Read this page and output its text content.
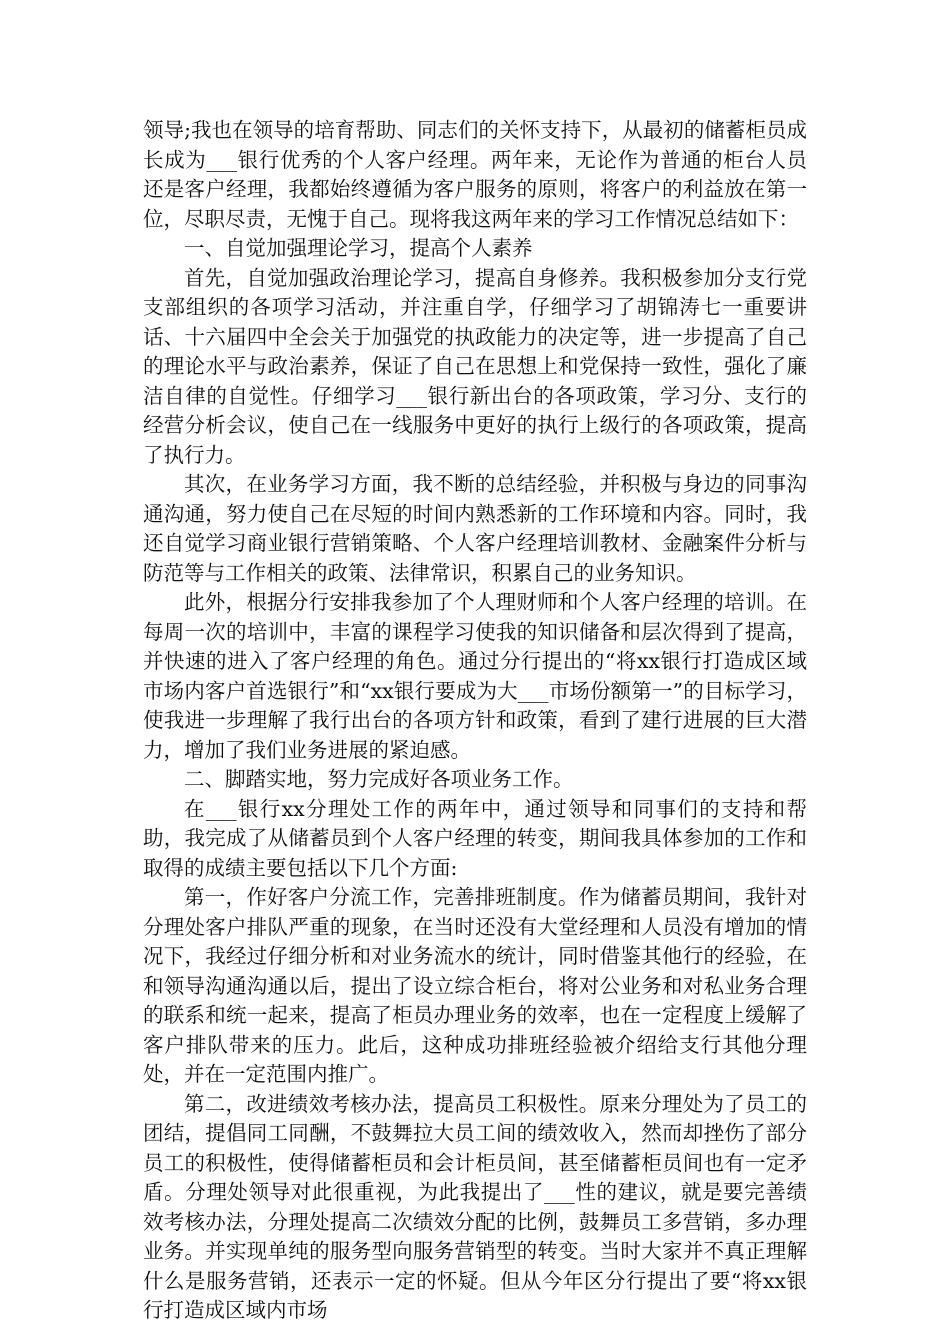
领导;我也在领导的培育帮助、同志们的关怀支持下，从最初的储蓄柜员成长成为___银行优秀的个人客户经理。两年来，无论作为普通的柜台人员还是客户经理，我都始终遵循为客户服务的原则，将客户的利益放在第一位，尽职尽责，无愧于自己。现将我这两年来的学习工作情况总结如下：

一、自觉加强理论学习，提高个人素养

首先，自觉加强政治理论学习，提高自身修养。我积极参加分支行党支部组织的各项学习活动，并注重自学，仔细学习了胡锦涛七一重要讲话、十六届四中全会关于加强党的执政能力的决定等，进一步提高了自己的理论水平与政治素养，保证了自己在思想上和党保持一致性，强化了廉洁自律的自觉性。仔细学习___银行新出台的各项政策，学习分、支行的经营分析会议，使自己在一线服务中更好的执行上级行的各项政策，提高了执行力。

其次，在业务学习方面，我不断的总结经验，并积极与身边的同事沟通沟通，努力使自己在尽短的时间内熟悉新的工作环境和内容。同时，我还自觉学习商业银行营销策略、个人客户经理培训教材、金融案件分析与防范等与工作相关的政策、法律常识，积累自己的业务知识。

此外，根据分行安排我参加了个人理财师和个人客户经理的培训。在每周一次的培训中，丰富的课程学习使我的知识储备和层次得到了提高，并快速的进入了客户经理的角色。通过分行提出的“将xx银行打造成区域市场内客户首选银行”和“xx银行要成为大___市场份额第一”的目标学习，使我进一步理解了我行出台的各项方针和政策，看到了建行进展的巨大潜力，增加了我们业务进展的紧迫感。

二、脚踏实地，努力完成好各项业务工作。

在___银行xx分理处工作的两年中，通过领导和同事们的支持和帮助，我完成了从储蓄员到个人客户经理的转变，期间我具体参加的工作和取得的成绩主要包括以下几个方面:

第一，作好客户分流工作，完善排班制度。作为储蓄员期间，我针对分理处客户排队严重的现象，在当时还没有大堂经理和人员没有增加的情况下，我经过仔细分析和对业务流水的统计，同时借鉴其他行的经验，在和领导沟通沟通以后，提出了设立综合柜台，将对公业务和对私业务合理的联系和统一起来，提高了柜员办理业务的效率，也在一定程度上缓解了客户排队带来的压力。此后，这种成功排班经验被介绍给支行其他分理处，并在一定范围内推广。

第二，改进绩效考核办法，提高员工积极性。原来分理处为了员工的团结，提倡同工同酬，不鼓舞拉大员工间的绩效收入，然而却挫伤了部分员工的积极性，使得储蓄柜员和会计柜员间，甚至储蓄柜员间也有一定矛盾。分理处领导对此很重视，为此我提出了___性的建议，就是要完善绩效考核办法，分理处提高二次绩效分配的比例，鼓舞员工多营销，多办理业务。并实现单纯的服务型向服务营销型的转变。当时大家并不真正理解什么是服务营销，还表示一定的怀疑。但从今年区分行提出了要“将xx银行打造成区域内市场
